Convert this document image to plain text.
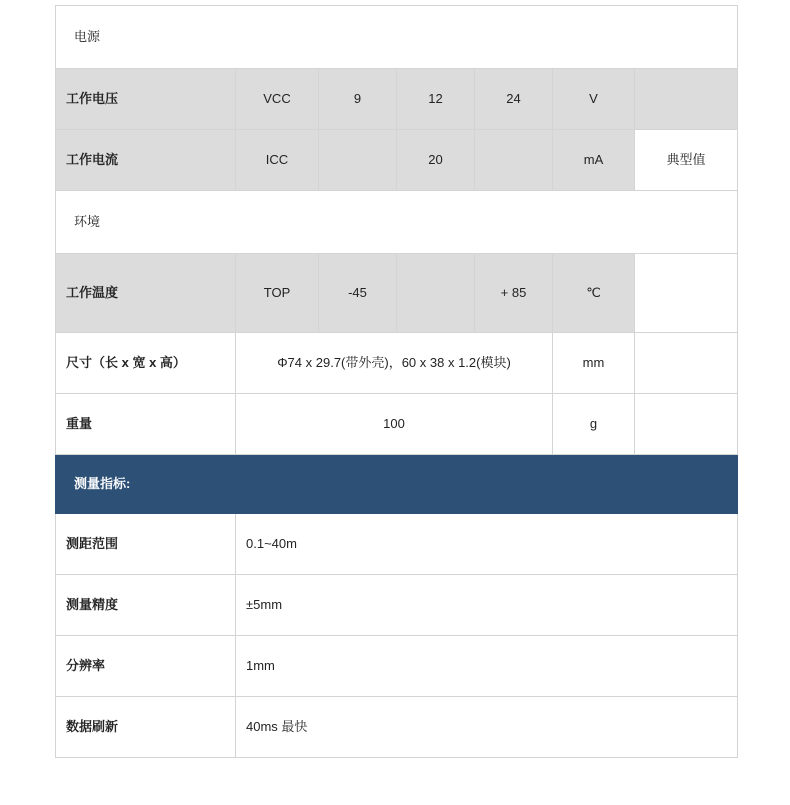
电源						
工作电压	VCC	9	12	24	V	
工作电流	ICC		20		mA	典型值
环境						
工作温度	TOP	-45		+ 85	℃	
尺寸（长 x 宽 x 高）	Φ74 x 29.7(带外壳)，60 x 38 x 1.2(模块)				mm	
重量	100				g	
测量指标:						
测距范围	0.1~40m					
测量精度	±5mm					
分辨率	1mm					
数据刷新	40ms 最快					
